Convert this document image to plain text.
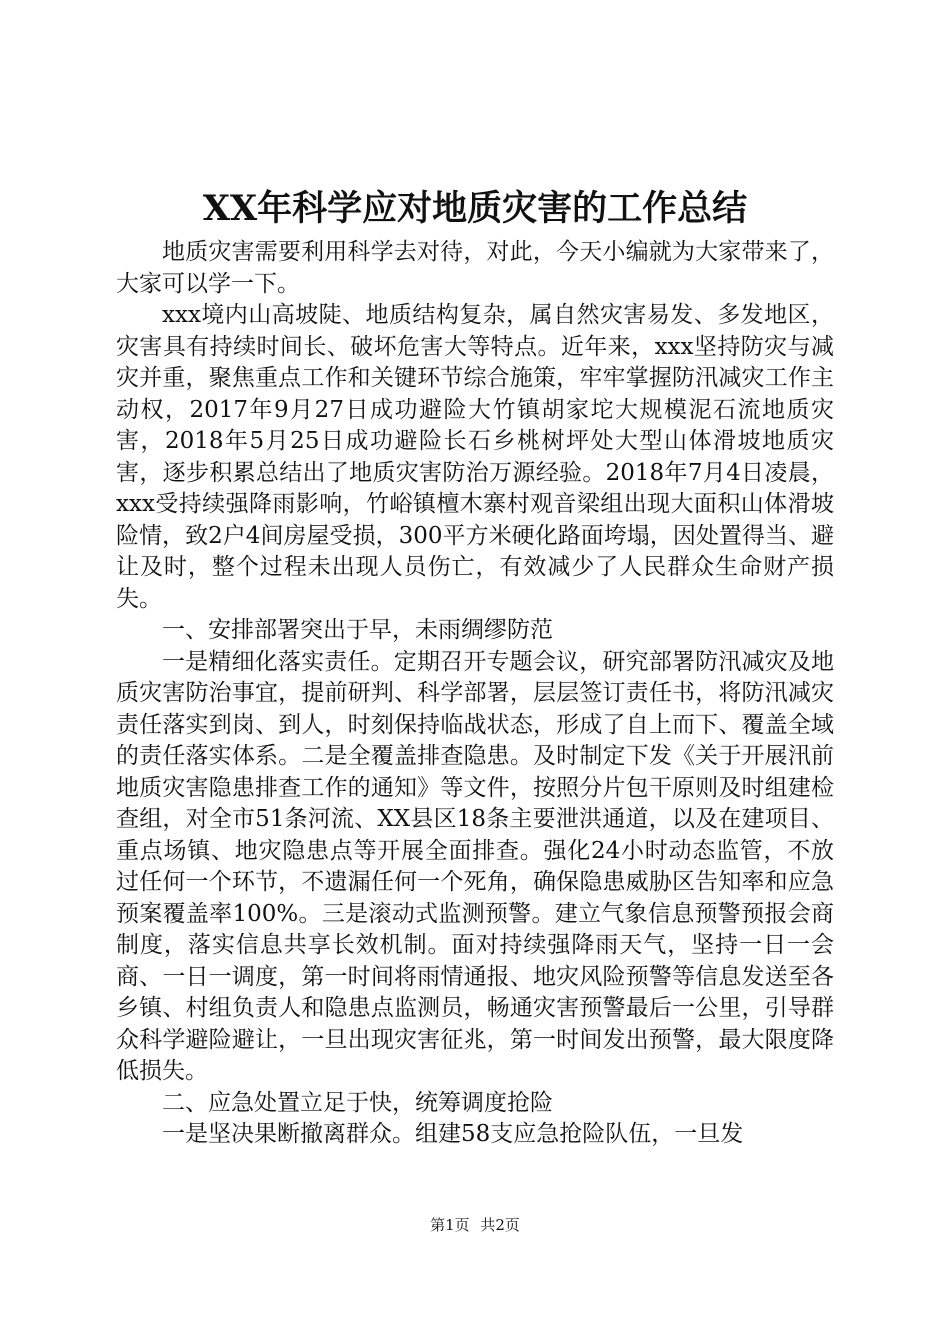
XX年科学应对地质灾害的工作总结

地质灾害需要利用科学去对待，对此，今天小编就为大家带来了，大家可以学一下。

xxx境内山高坡陡、地质结构复杂，属自然灾害易发、多发地区，灾害具有持续时间长、破坏危害大等特点。近年来，xxx坚持防灾与减灾并重，聚焦重点工作和关键环节综合施策，牢牢掌握防汛减灾工作主动权，2017年9月27日成功避险大竹镇胡家坨大规模泥石流地质灾害，2018年5月25日成功避险长石乡桃树坪处大型山体滑坡地质灾害，逐步积累总结出了地质灾害防治万源经验。2018年7月4日凌晨，xxx受持续强降雨影响，竹峪镇檀木寨村观音梁组出现大面积山体滑坡险情，致2户4间房屋受损，300平方米硬化路面垮塌，因处置得当、避让及时，整个过程未出现人员伤亡，有效减少了人民群众生命财产损失。

一、安排部署突出于早，未雨绸缪防范

一是精细化落实责任。定期召开专题会议，研究部署防汛减灾及地质灾害防治事宜，提前研判、科学部署，层层签订责任书，将防汛减灾责任落实到岗、到人，时刻保持临战状态，形成了自上而下、覆盖全域的责任落实体系。二是全覆盖排查隐患。及时制定下发《关于开展汛前地质灾害隐患排查工作的通知》等文件，按照分片包干原则及时组建检查组，对全市51条河流、XX县区18条主要泄洪通道，以及在建项目、重点场镇、地灾隐患点等开展全面排查。强化24小时动态监管，不放过任何一个环节，不遗漏任何一个死角，确保隐患威胁区告知率和应急预案覆盖率100%。三是滚动式监测预警。建立气象信息预警预报会商制度，落实信息共享长效机制。面对持续强降雨天气，坚持一日一会商、一日一调度，第一时间将雨情通报、地灾风险预警等信息发送至各乡镇、村组负责人和隐患点监测员，畅通灾害预警最后一公里，引导群众科学避险避让，一旦出现灾害征兆，第一时间发出预警，最大限度降低损失。

二、应急处置立足于快，统筹调度抢险

一是坚决果断撤离群众。组建58支应急抢险队伍，一旦发

第1页 共2页
